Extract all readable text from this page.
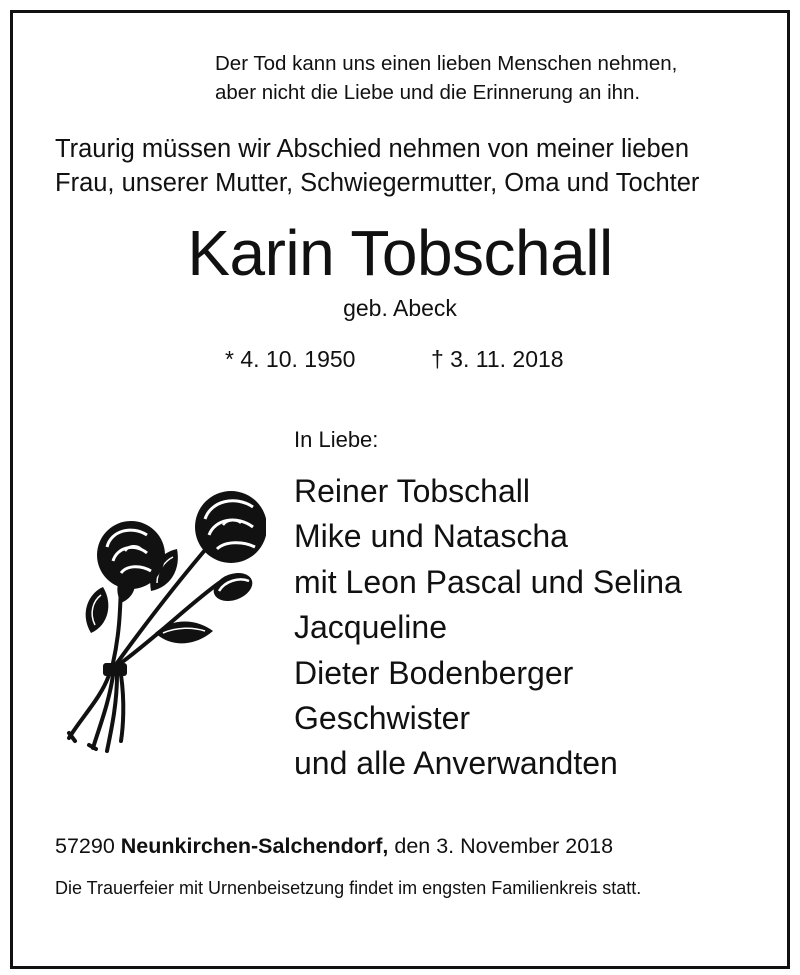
Der Tod kann uns einen lieben Menschen nehmen,
aber nicht die Liebe und die Erinnerung an ihn.
Traurig müssen wir Abschied nehmen von meiner lieben
Frau, unserer Mutter, Schwiegermutter, Oma und Tochter
Karin Tobschall
geb. Abeck
* 4. 10. 1950	† 3. 11. 2018
In Liebe:
Reiner Tobschall
Mike und Natascha
mit Leon Pascal und Selina
Jacqueline
Dieter Bodenberger
Geschwister
und alle Anverwandten
57290 Neunkirchen-Salchendorf, den 3. November 2018
Die Trauerfeier mit Urnenbeisetzung findet im engsten Familienkreis statt.
